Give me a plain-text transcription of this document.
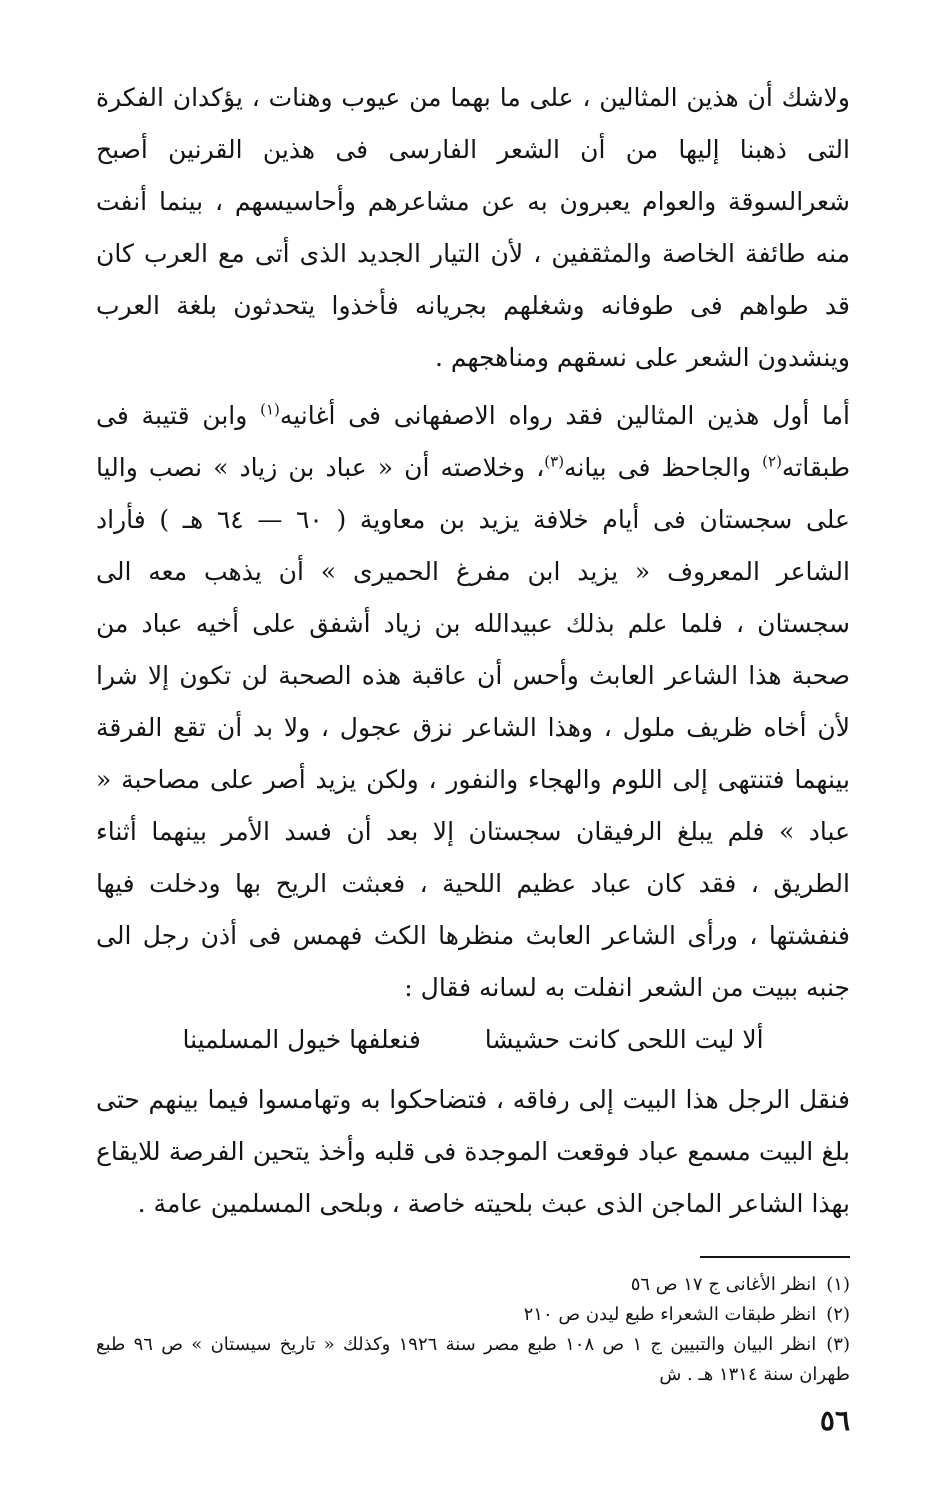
ولاشك أن هذين المثالين ، على ما بهما من عيوب وهنات ، يؤكدان الفكرة التى ذهبنا إليها من أن الشعر الفارسى فى هذين القرنين أصبح شعرالسوقة والعوام يعبرون به عن مشاعرهم وأحاسيسهم ، بينما أنفت منه طائفة الخاصة والمثقفين ، لأن التيار الجديد الذى أتى مع العرب كان قد طواهم فى طوفانه وشغلهم بجريانه فأخذوا يتحدثون بلغة العرب وينشدون الشعر على نسقهم ومناهجهم .

أما أول هذين المثالين فقد رواه الاصفهانى فى أغانيه$^{(١)}$ وابن قتيبة فى طبقاته$^{(٢)}$ والجاحظ فى بيانه$^{(٣)}$، وخلاصته أن « عباد بن زياد » نصب واليا على سجستان فى أيام خلافة يزيد بن معاوية ( ٦٠ — ٦٤ هـ ) فأراد الشاعر المعروف « يزيد ابن مفرغ الحميرى » أن يذهب معه الى سجستان ، فلما علم بذلك عبيدالله بن زياد أشفق على أخيه عباد من صحبة هذا الشاعر العابث وأحس أن عاقبة هذه الصحبة لن تكون إلا شرا لأن أخاه ظريف ملول ، وهذا الشاعر نزق عجول ، ولا بد أن تقع الفرقة بينهما فتنتهى إلى اللوم والهجاء والنفور ، ولكن يزيد أصر على مصاحبة « عباد » فلم يبلغ الرفيقان سجستان إلا بعد أن فسد الأمر بينهما أثناء الطريق ، فقد كان عباد عظيم اللحية ، فعبثت الريح بها ودخلت فيها فنفشتها ، ورأى الشاعر العابث منظرها الكث فهمس فى أذن رجل الى جنبه ببيت من الشعر انفلت به لسانه فقال :

ألا ليت اللحى كانت حشيشا
فنعلفها خيول المسلمينا

فنقل الرجل هذا البيت إلى رفاقه ، فتضاحكوا به وتهامسوا فيما بينهم حتى بلغ البيت مسمع عباد فوقعت الموجدة فى قلبه وأخذ يتحين الفرصة للايقاع بهذا الشاعر الماجن الذى عبث بلحيته خاصة ، وبلحى المسلمين عامة .

(١)انظر الأغانى ج ١٧ ص ٥٦

(٢)انظر طبقات الشعراء طبع ليدن ص ٢١٠

(٣)انظر البيان والتبيين ج ١ ص ١٠٨ طبع مصر سنة ١٩٢٦ وكذلك « تاريخ سيستان » ص ٩٦ طبع طهران سنة ١٣١٤ هـ . ش

٥٦
